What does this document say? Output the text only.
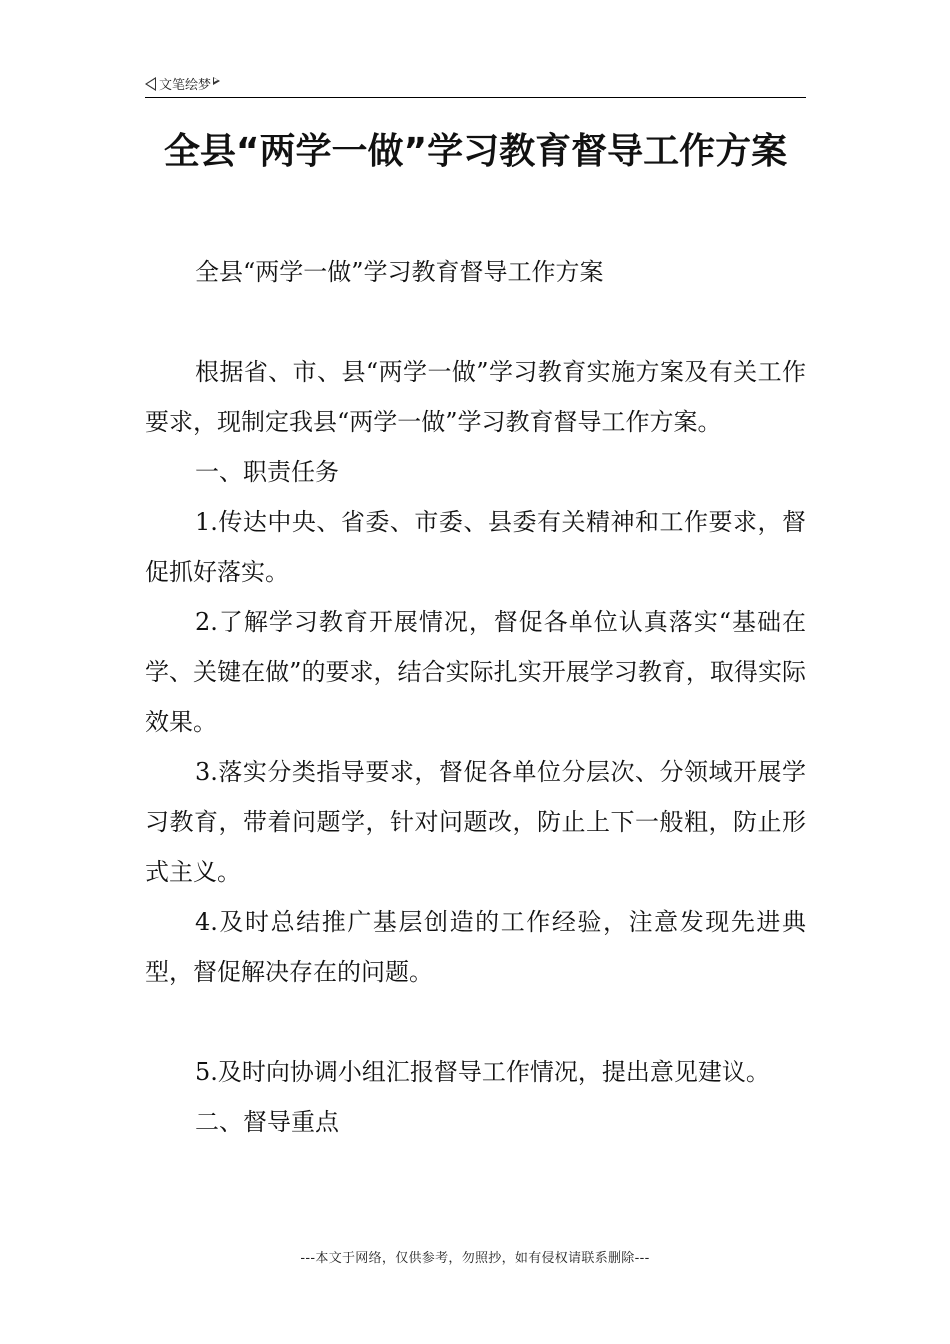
文笔绘梦
全县“两学一做”学习教育督导工作方案

全县“两学一做”学习教育督导工作方案

根据省、市、县“两学一做”学习教育实施方案及有关工作要求，现制定我县“两学一做”学习教育督导工作方案。

一、职责任务

1.传达中央、省委、市委、县委有关精神和工作要求，督促抓好落实。

2.了解学习教育开展情况，督促各单位认真落实“基础在学、关键在做”的要求，结合实际扎实开展学习教育，取得实际效果。

3.落实分类指导要求，督促各单位分层次、分领域开展学习教育，带着问题学，针对问题改，防止上下一般粗，防止形式主义。

4.及时总结推广基层创造的工作经验，注意发现先进典型，督促解决存在的问题。

5.及时向协调小组汇报督导工作情况，提出意见建议。

二、督导重点

---本文于网络，仅供参考，勿照抄，如有侵权请联系删除---
